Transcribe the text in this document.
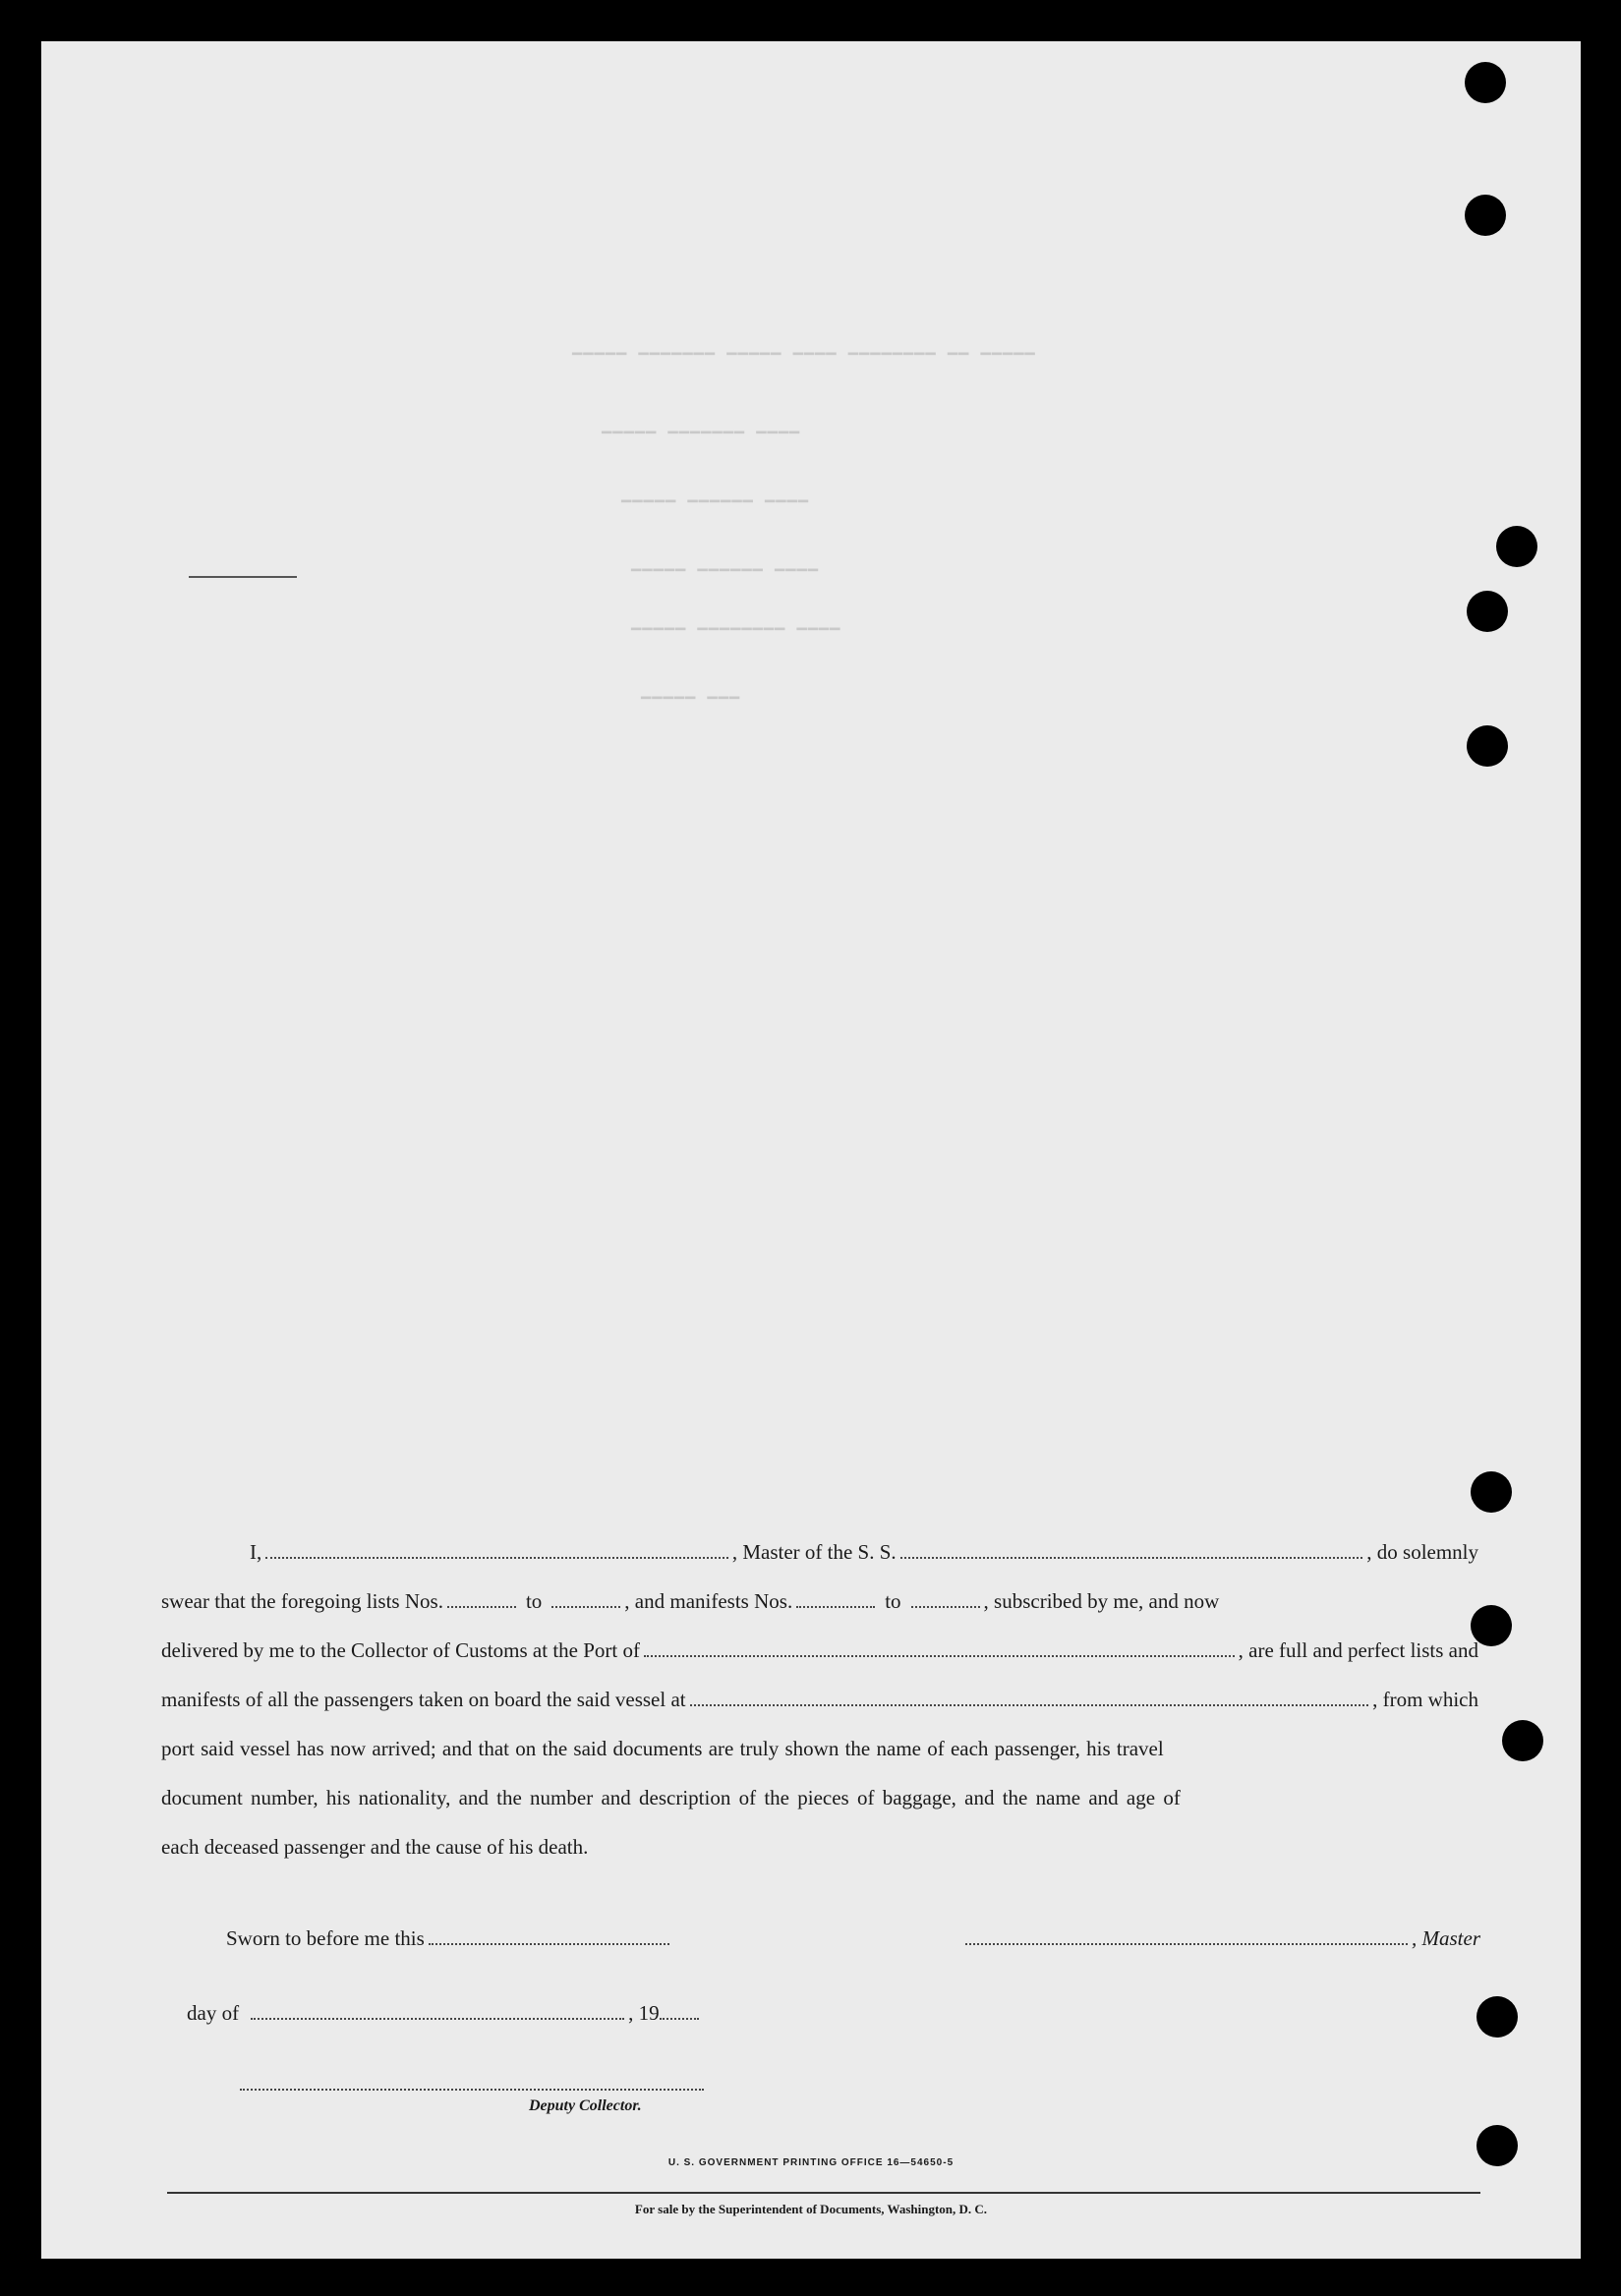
▁▁▁▁▁ ▁▁▁▁▁▁▁ ▁▁▁▁▁ ▁▁▁▁ ▁▁▁▁▁▁▁▁ ▁▁ ▁▁▁▁▁
▁▁▁▁▁ ▁▁▁▁▁▁▁ ▁▁▁▁
▁▁▁▁▁ ▁▁▁▁▁▁ ▁▁▁▁
▁▁▁▁▁ ▁▁▁▁▁▁ ▁▁▁▁
▁▁▁▁▁ ▁▁▁▁▁▁▁▁ ▁▁▁▁
▁▁▁▁▁ ▁▁▁
I,	, Master of the S. S.	, do solemnly
swear that the foregoing lists Nos.	to	, and manifests Nos.	to	, subscribed by me, and now
delivered by me to the Collector of Customs at the Port of	, are full and perfect lists and
manifests of all the passengers taken on board the said vessel at	, from which
port said vessel has now arrived; and that on the said documents are truly shown the name of each passenger, his travel
document number, his nationality, and the number and description of the pieces of baggage, and the name and age of
each deceased passenger and the cause of his death.
Sworn to before me this	, Master
day of	, 19
Deputy Collector.
U. S. GOVERNMENT PRINTING OFFICE 16—54650-5
For sale by the Superintendent of Documents, Washington, D. C.
